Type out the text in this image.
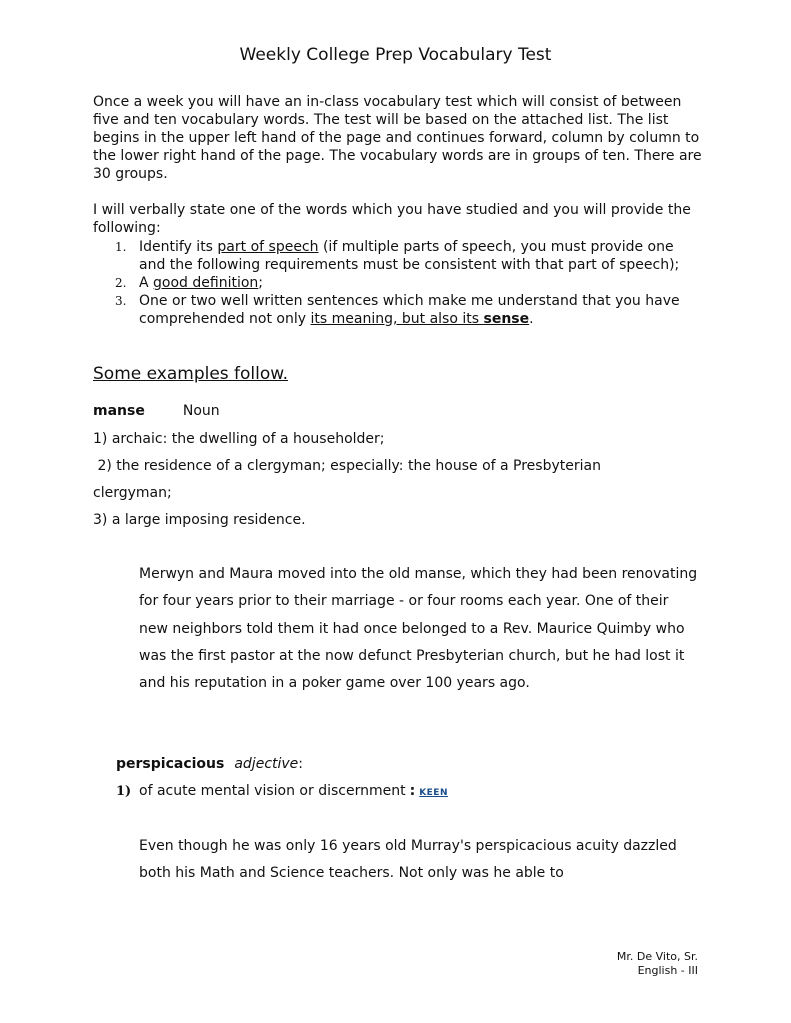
Weekly College Prep Vocabulary Test

Once a week you will have an in-class vocabulary test which will consist of between five and ten vocabulary words. The test will be based on the attached list. The list begins in the upper left hand of the page and continues forward, column by column to the lower right hand of the page. The vocabulary words are in groups of ten. There are 30 groups.

I will verbally state one of the words which you have studied and you will provide the following:

1. Identify its part of speech (if multiple parts of speech, you must provide one and the following requirements must be consistent with that part of speech);
2. A good definition;
3. One or two well written sentences which make me understand that you have comprehended not only its meaning, but also its sense.
Some examples follow.
manse	Noun
1) archaic: the dwelling of a householder;
2) the residence of a clergyman; especially: the house of a Presbyterian
clergyman;
3) a large imposing residence.

Merwyn and Maura moved into the old manse, which they had been renovating for four years prior to their marriage - or four rooms each year. One of their new neighbors told them it had once belonged to a Rev. Maurice Quimby who was the first pastor at the now defunct Presbyterian church, but he had lost it and his reputation in a poker game over 100 years ago.

perspicacious adjective:
1) of acute mental vision or discernment : KEEN

Even though he was only 16 years old Murray's perspicacious acuity dazzled both his Math and Science teachers. Not only was he able to

Mr. De Vito, Sr.
English - III
